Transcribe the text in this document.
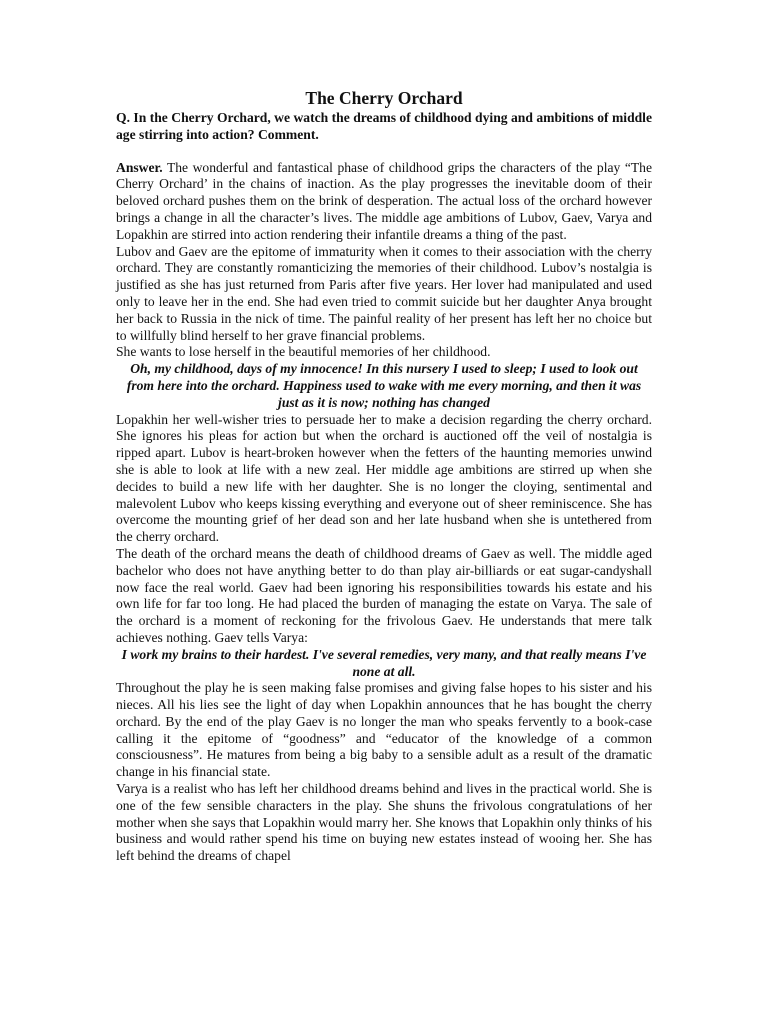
The Cherry Orchard

Q. In the Cherry Orchard, we watch the dreams of childhood dying and ambitions of middle age stirring into action? Comment.

Answer. The wonderful and fantastical phase of childhood grips the characters of the play “The Cherry Orchard’ in the chains of inaction. As the play progresses the inevitable doom of their beloved orchard pushes them on the brink of desperation. The actual loss of the orchard however brings a change in all the character’s lives. The middle age ambitions of Lubov, Gaev, Varya and Lopakhin are stirred into action rendering their infantile dreams a thing of the past.

Lubov and Gaev are the epitome of immaturity when it comes to their association with the cherry orchard. They are constantly romanticizing the memories of their childhood. Lubov’s nostalgia is justified as she has just returned from Paris after five years. Her lover had manipulated and used only to leave her in the end. She had even tried to commit suicide but her daughter Anya brought her back to Russia in the nick of time. The painful reality of her present has left her no choice but to willfully blind herself to her grave financial problems.

She wants to lose herself in the beautiful memories of her childhood.

Oh, my childhood, days of my innocence! In this nursery I used to sleep; I used to look out from here into the orchard. Happiness used to wake with me every morning, and then it was just as it is now; nothing has changed

Lopakhin her well-wisher tries to persuade her to make a decision regarding the cherry orchard. She ignores his pleas for action but when the orchard is auctioned off the veil of nostalgia is ripped apart. Lubov is heart-broken however when the fetters of the haunting memories unwind she is able to look at life with a new zeal. Her middle age ambitions are stirred up when she decides to build a new life with her daughter. She is no longer the cloying, sentimental and malevolent Lubov who keeps kissing everything and everyone out of sheer reminiscence. She has overcome the mounting grief of her dead son and her late husband when she is untethered from the cherry orchard.

The death of the orchard means the death of childhood dreams of Gaev as well. The middle aged bachelor who does not have anything better to do than play air-billiards or eat sugar-candyshall now face the real world. Gaev had been ignoring his responsibilities towards his estate and his own life for far too long. He had placed the burden of managing the estate on Varya. The sale of the orchard is a moment of reckoning for the frivolous Gaev. He understands that mere talk achieves nothing. Gaev tells Varya:

I work my brains to their hardest. I've several remedies, very many, and that really means I've none at all.

Throughout the play he is seen making false promises and giving false hopes to his sister and his nieces. All his lies see the light of day when Lopakhin announces that he has bought the cherry orchard. By the end of the play Gaev is no longer the man who speaks fervently to a book-case calling it the epitome of “goodness” and “educator of the knowledge of a common consciousness”. He matures from being a big baby to a sensible adult as a result of the dramatic change in his financial state.

Varya is a realist who has left her childhood dreams behind and lives in the practical world. She is one of the few sensible characters in the play. She shuns the frivolous congratulations of her mother when she says that Lopakhin would marry her. She knows that Lopakhin only thinks of his business and would rather spend his time on buying new estates instead of wooing her. She has left behind the dreams of chapel
